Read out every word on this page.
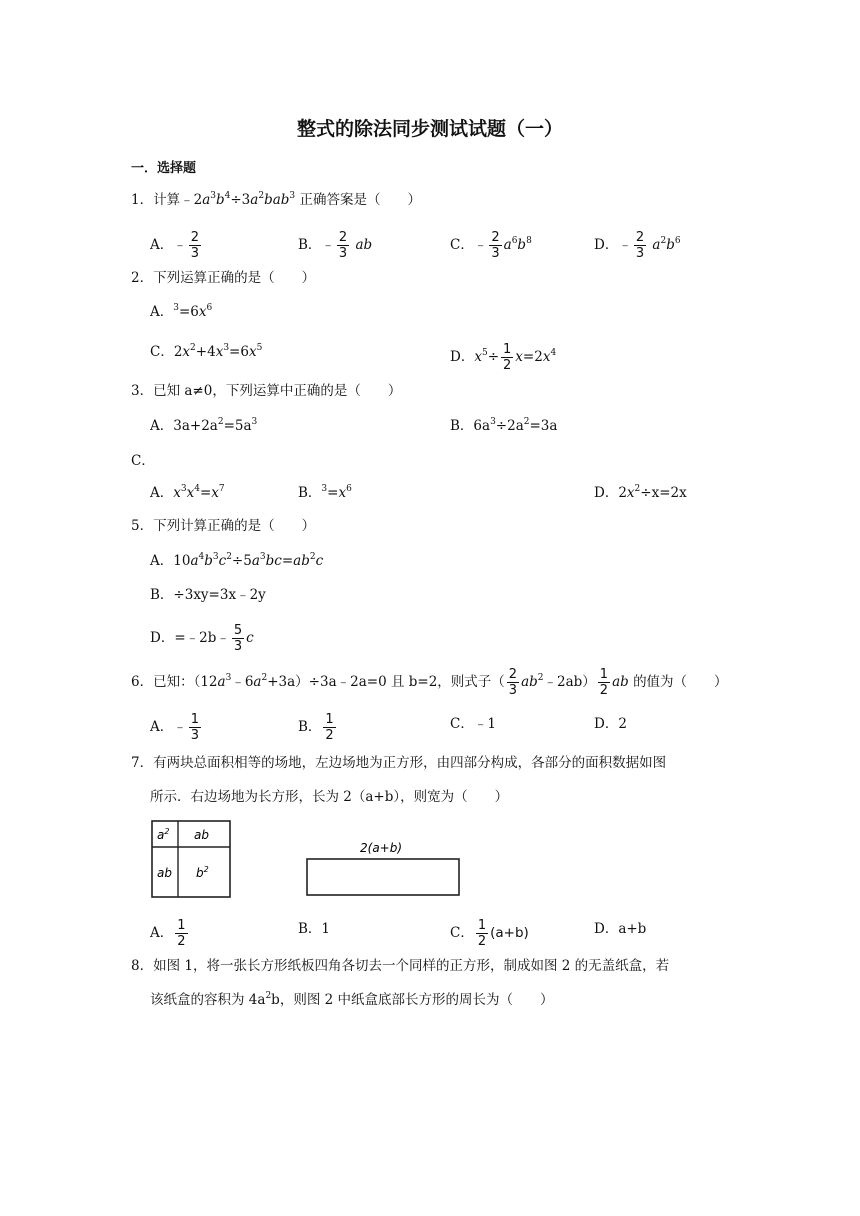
整式的除法同步测试试题（一）
一．选择题
1．计算$﹣2a^3b^4\div 3a^2bab^3$ 正确答案是（　　）
A．﹣ $\frac{2}{3}$	B．﹣ $\frac{2}{3}$ ab	C．﹣ $\frac{2}{3} a^6b^8$	D．﹣ $\frac{2}{3} a^2b^6$
2．下列运算正确的是（　　）
A．$^3=6x^6$
C．$2x^2+4x^3=6x^5$
D．$x^5\div \frac{1}{2} x=2x^4$
3．已知 a≠0，下列运算中正确的是（　　）
A．$3a+2a^2=5a^3$	B．$6a^3\div 2a^2=3a$
C．
A．$x^3x^4=x^7$	B．$^3=x^6$	D．$2x^2\div x=2x$
5．下列计算正确的是（　　）
A．$10a^4b^3c^2\div 5a^3bc=ab^2c$
B．÷3xy=3x﹣2y
D．=﹣2b﹣ $\frac{5}{3}$ c
6．已知：$(12a^3﹣6a^2+3a)\div 3a﹣2a=0$ 且 b=2，则式子（ $\frac{2}{3}$ $ab^2﹣2ab) \frac{1}{2}$ ab 的值为（　　）
A．﹣ $\frac{1}{3}$	B． $\frac{1}{2}$	C．﹣1	D．2
7．有两块总面积相等的场地，左边场地为正方形，由四部分构成，各部分的面积数据如图
所示．右边场地为长方形，长为 2（a+b），则宽为（　　）
$a^2$ ab
ab $b^2$
2(a+b)
A． $\frac{1}{2}$	B．1	C． $\frac{1}{2} (a+b)$	D．a+b
8．如图 1，将一张长方形纸板四角各切去一个同样的正方形，制成如图 2 的无盖纸盒，若
该纸盒的容积为 $4a^2b$，则图 2 中纸盒底部长方形的周长为（　　）
